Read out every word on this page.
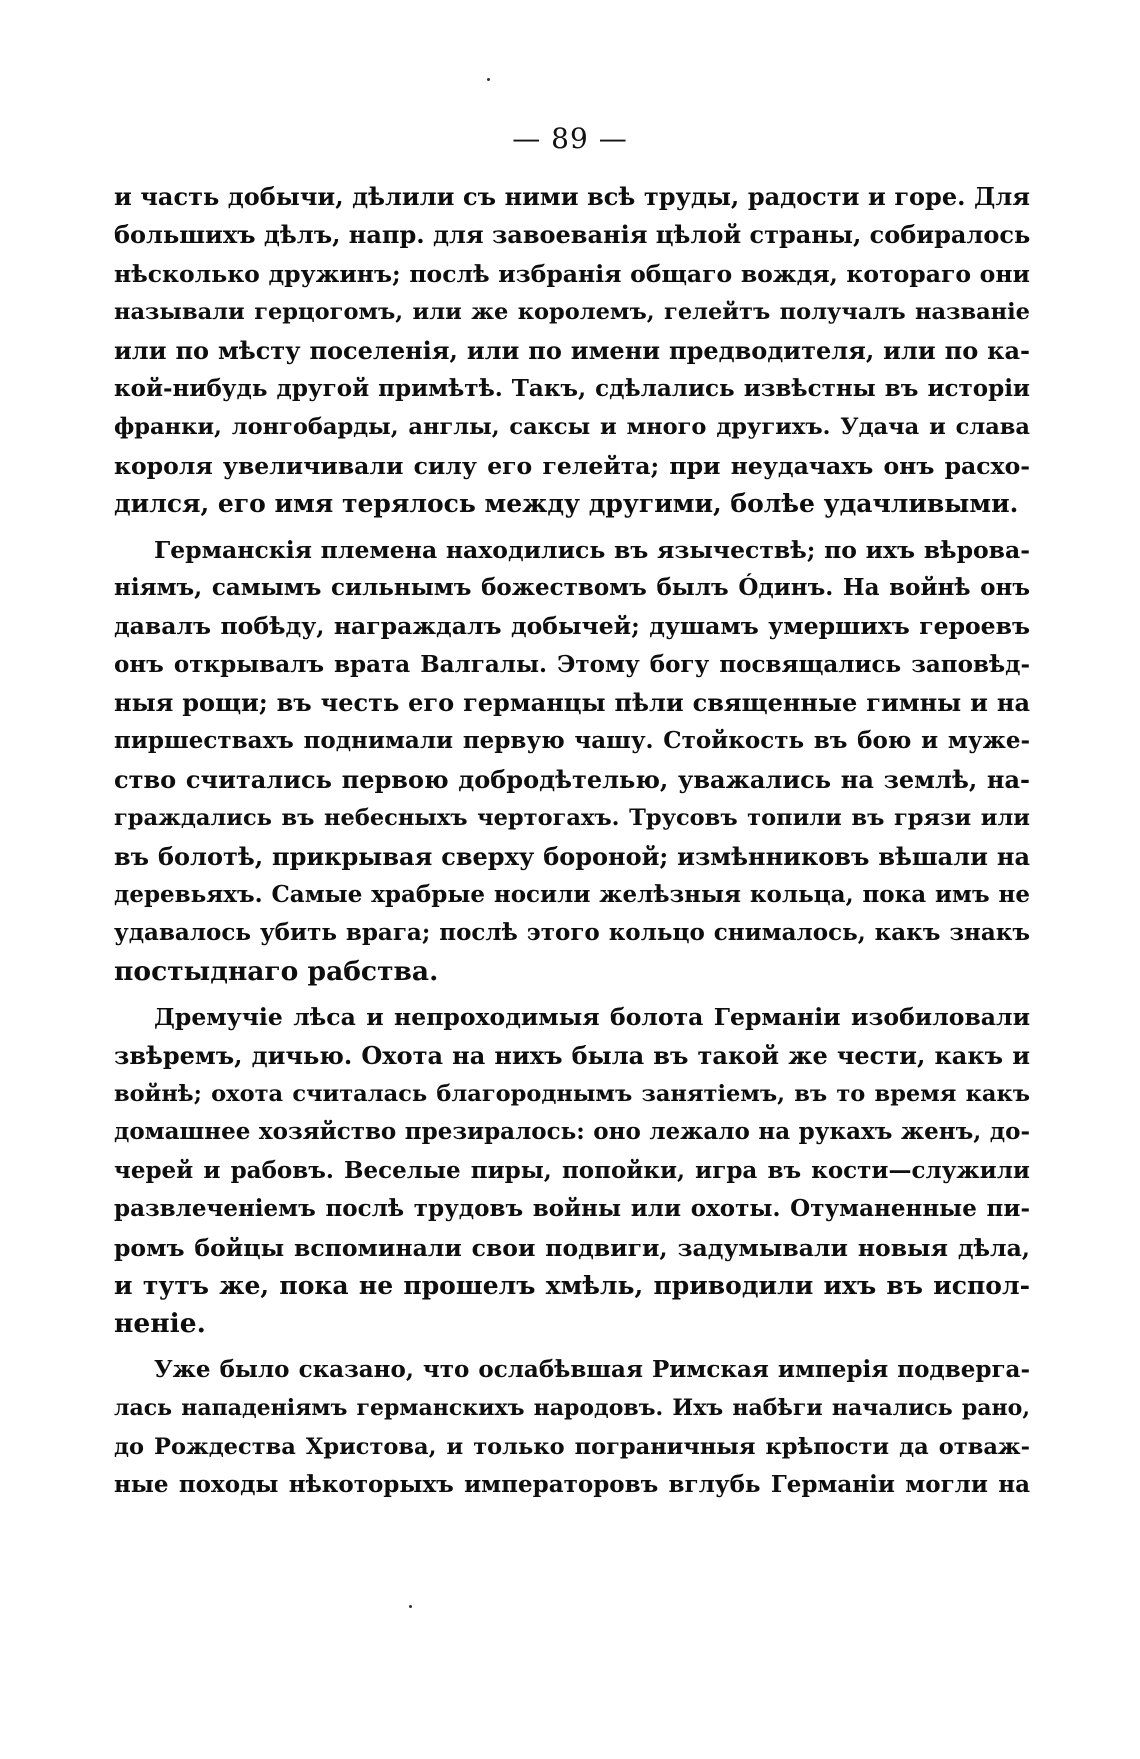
— 89 —
и часть добычи, дѣлили съ ними всѣ труды, радости и горе. Для
большихъ дѣлъ, напр. для завоеванія цѣлой страны, собиралось
нѣсколько дружинъ; послѣ избранія общаго вождя, котораго они
называли герцогомъ, или же королемъ, гелейтъ получалъ названіе
или по мѣсту поселенія, или по имени предводителя, или по ка-
кой-нибудь другой примѣтѣ. Такъ, сдѣлались извѣстны въ исторіи
франки, лонгобарды, англы, саксы и много другихъ. Удача и слава
короля увеличивали силу его гелейта; при неудачахъ онъ расхо-
дился, его имя терялось между другими, болѣе удачливыми.
Германскія племена находились въ язычествѣ; по ихъ вѣрова-
ніямъ, самымъ сильнымъ божествомъ былъ Óдинъ. На войнѣ онъ
давалъ побѣду, награждалъ добычей; душамъ умершихъ героевъ
онъ открывалъ врата Валгалы. Этому богу посвящались заповѣд-
ныя рощи; въ честь его германцы пѣли священные гимны и на
пиршествахъ поднимали первую чашу. Стойкость въ бою и муже-
ство считались первою добродѣтелью, уважались на землѣ, на-
граждались въ небесныхъ чертогахъ. Трусовъ топили въ грязи или
въ болотѣ, прикрывая сверху бороной; измѣнниковъ вѣшали на
деревьяхъ. Самые храбрые носили желѣзныя кольца, пока имъ не
удавалось убить врага; послѣ этого кольцо снималось, какъ знакъ
постыднаго рабства.
Дремучіе лѣса и непроходимыя болота Германіи изобиловали
звѣремъ, дичью. Охота на нихъ была въ такой же чести, какъ и
войнѣ; охота считалась благороднымъ занятіемъ, въ то время какъ
домашнее хозяйство презиралось: оно лежало на рукахъ женъ, до-
черей и рабовъ. Веселые пиры, попойки, игра въ кости—служили
развлеченіемъ послѣ трудовъ войны или охоты. Отуманенные пи-
ромъ бойцы вспоминали свои подвиги, задумывали новыя дѣла,
и тутъ же, пока не прошелъ хмѣль, приводили ихъ въ испол-
неніе.
Уже было сказано, что ослабѣвшая Римская имперія подверга-
лась нападеніямъ германскихъ народовъ. Ихъ набѣги начались рано,
до Рождества Христова, и только пограничныя крѣпости да отваж-
ные походы нѣкоторыхъ императоровъ вглубь Германіи могли на
